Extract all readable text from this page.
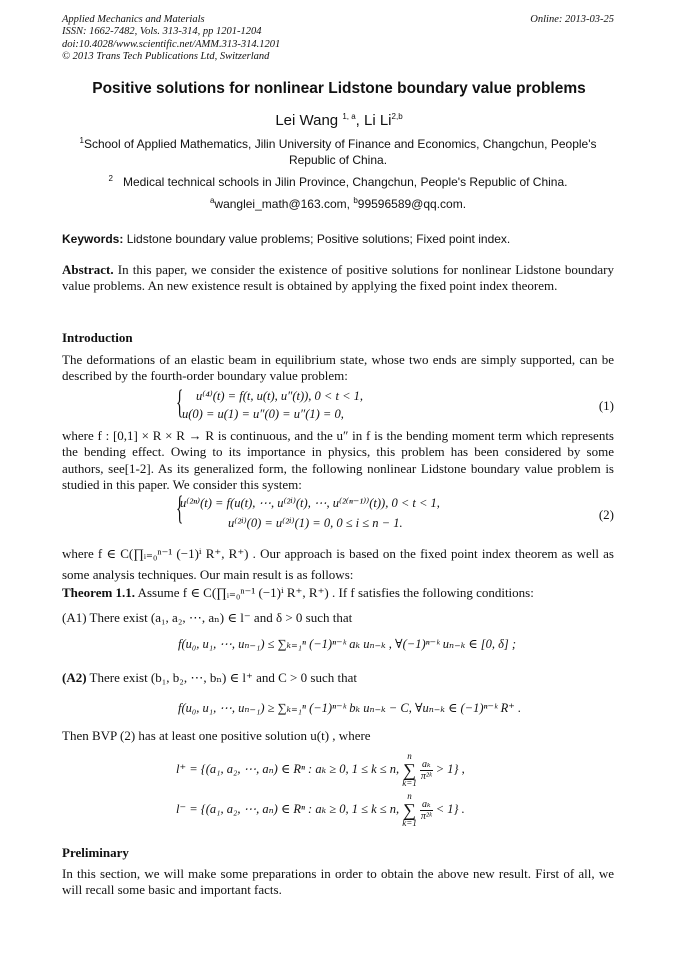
Applied Mechanics and Materials
ISSN: 1662-7482, Vols. 313-314, pp 1201-1204
doi:10.4028/www.scientific.net/AMM.313-314.1201
© 2013 Trans Tech Publications Ltd, Switzerland
Online: 2013-03-25
Positive solutions for nonlinear Lidstone boundary value problems
Lei Wang $^{1, a}$, Li Li$^{2,b}$
$^1$School of Applied Mathematics, Jilin University of Finance and Economics, Changchun, People's Republic of China.
$^2$ Medical technical schools in Jilin Province, Changchun, People's Republic of China.
$^a$wanglei_math@163.com, $^b$99596589@qq.com.
Keywords: Lidstone boundary value problems; Positive solutions; Fixed point index.
Abstract. In this paper, we consider the existence of positive solutions for nonlinear Lidstone boundary value problems. An new existence result is obtained by applying the fixed point index theorem.
Introduction
The deformations of an elastic beam in equilibrium state, whose two ends are simply supported, can be described by the fourth-order boundary value problem:
{ u⁽⁴⁾(t) = f(t, u(t), u″(t)), 0 < t < 1,
u(0) = u(1) = u″(0) = u″(1) = 0,
(1)
where f : [0,1] × R × R → R is continuous, and the u″ in f is the bending moment term which represents the bending effect. Owing to its importance in physics, this problem has been considered by some authors, see[1-2]. As its generalized form, the following nonlinear Lidstone boundary value problem is studied in this paper. We consider this system:
{
u⁽²ⁿ⁾(t) = f(u(t), ⋯, u⁽²ⁱ⁾(t), ⋯, u⁽²⁽ⁿ⁻¹⁾⁾(t)), 0 < t < 1,
u⁽²ⁱ⁾(0) = u⁽²ⁱ⁾(1) = 0, 0 ≤ i ≤ n − 1.
(2)
where f ∈ C(∏ᵢ₌₀ⁿ⁻¹ (−1)ⁱ R⁺, R⁺) . Our approach is based on the fixed point index theorem as well as some analysis techniques. Our main result is as follows:
Theorem 1.1. Assume f ∈ C(∏ᵢ₌₀ⁿ⁻¹ (−1)ⁱ R⁺, R⁺) . If f satisfies the following conditions:
(A1) There exist (a₁, a₂, ⋯, aₙ) ∈ l⁻ and δ > 0 such that
f(u₀, u₁, ⋯, uₙ₋₁) ≤ ∑ₖ₌₁ⁿ (−1)ⁿ⁻ᵏ aₖ uₙ₋ₖ , ∀(−1)ⁿ⁻ᵏ uₙ₋ₖ ∈ [0, δ] ;
(A2) There exist (b₁, b₂, ⋯, bₙ) ∈ l⁺ and C > 0 such that
f(u₀, u₁, ⋯, uₙ₋₁) ≥ ∑ₖ₌₁ⁿ (−1)ⁿ⁻ᵏ bₖ uₙ₋ₖ − C, ∀uₙ₋ₖ ∈ (−1)ⁿ⁻ᵏ R⁺ .
Then BVP (2) has at least one positive solution u(t) , where
l⁺ = {(a₁, a₂, ⋯, aₙ) ∈ Rⁿ : aₖ ≥ 0, 1 ≤ k ≤ n, n
∑
k=1
$\frac{\text{aₖ}}{\text{π²ᵏ}} > 1$} ,
l⁻ = {(a₁, a₂, ⋯, aₙ) ∈ Rⁿ : aₖ ≥ 0, 1 ≤ k ≤ n, n
∑
k=1
$\frac{\text{aₖ}}{\text{π²ᵏ}} < 1$} .
Preliminary
In this section, we will make some preparations in order to obtain the above new result. First of all, we will recall some basic and important facts.
